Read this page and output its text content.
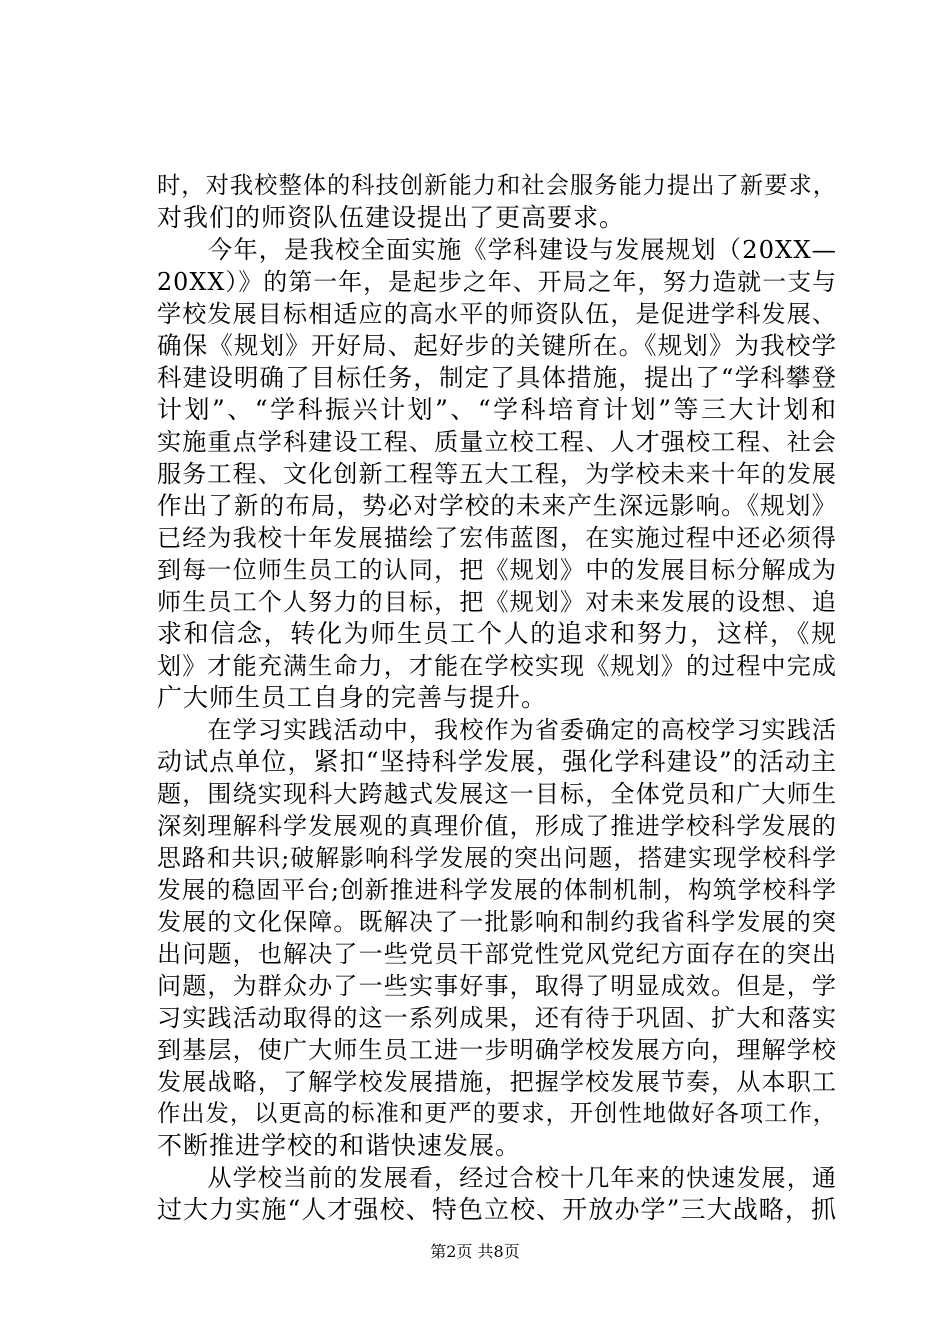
时，对我校整体的科技创新能力和社会服务能力提出了新要求，
对我们的师资队伍建设提出了更高要求。
　　今年，是我校全面实施《学科建设与发展规划（20XX—
20XX）》的第一年，是起步之年、开局之年，努力造就一支与
学校发展目标相适应的高水平的师资队伍，是促进学科发展、
确保《规划》开好局、起好步的关键所在。《规划》为我校学
科建设明确了目标任务，制定了具体措施，提出了“学科攀登
计划”、“学科振兴计划”、“学科培育计划”等三大计划和
实施重点学科建设工程、质量立校工程、人才强校工程、社会
服务工程、文化创新工程等五大工程，为学校未来十年的发展
作出了新的布局，势必对学校的未来产生深远影响。《规划》
已经为我校十年发展描绘了宏伟蓝图，在实施过程中还必须得
到每一位师生员工的认同，把《规划》中的发展目标分解成为
师生员工个人努力的目标，把《规划》对未来发展的设想、追
求和信念，转化为师生员工个人的追求和努力，这样，《规
划》才能充满生命力，才能在学校实现《规划》的过程中完成
广大师生员工自身的完善与提升。
　　在学习实践活动中，我校作为省委确定的高校学习实践活
动试点单位，紧扣“坚持科学发展，强化学科建设”的活动主
题，围绕实现科大跨越式发展这一目标，全体党员和广大师生
深刻理解科学发展观的真理价值，形成了推进学校科学发展的
思路和共识;破解影响科学发展的突出问题，搭建实现学校科学
发展的稳固平台;创新推进科学发展的体制机制，构筑学校科学
发展的文化保障。既解决了一批影响和制约我省科学发展的突
出问题，也解决了一些党员干部党性党风党纪方面存在的突出
问题，为群众办了一些实事好事，取得了明显成效。但是，学
习实践活动取得的这一系列成果，还有待于巩固、扩大和落实
到基层，使广大师生员工进一步明确学校发展方向，理解学校
发展战略，了解学校发展措施，把握学校发展节奏，从本职工
作出发，以更高的标准和更严的要求，开创性地做好各项工作，
不断推进学校的和谐快速发展。
　　从学校当前的发展看，经过合校十几年来的快速发展，通
过大力实施“人才强校、特色立校、开放办学”三大战略，抓
第2页 共8页
